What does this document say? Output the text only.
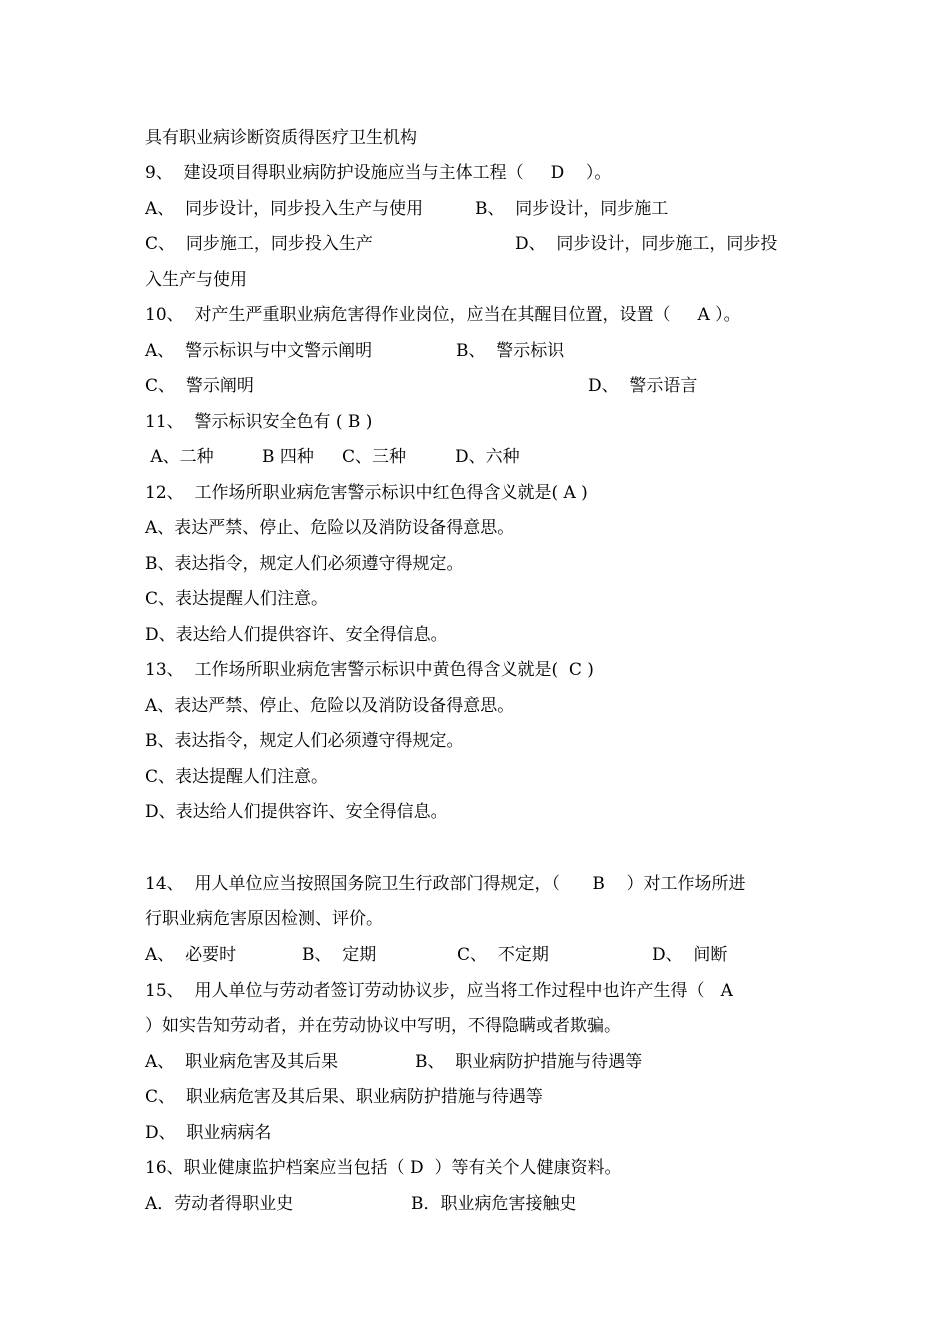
具有职业病诊断资质得医疗卫生机构
9、  建设项目得职业病防护设施应当与主体工程（     D    ）。
A、  同步设计，同步投入生产与使用	B、  同步设计，同步施工
C、  同步施工，同步投入生产	D、  同步设计，同步施工，同步投
入生产与使用
10、  对产生严重职业病危害得作业岗位，应当在其醒目位置，设置（     A ）。
A、  警示标识与中文警示阐明	B、  警示标识
C、  警示阐明	D、  警示语言
11、  警示标识安全色有 ( B )
A、二种	B 四种 C、三种	D、六种
12、  工作场所职业病危害警示标识中红色得含义就是( A )
A、表达严禁、停止、危险以及消防设备得意思。
B、表达指令，规定人们必须遵守得规定。
C、表达提醒人们注意。
D、表达给人们提供容许、安全得信息。
13、  工作场所职业病危害警示标识中黄色得含义就是(  C )
A、表达严禁、停止、危险以及消防设备得意思。
B、表达指令，规定人们必须遵守得规定。
C、表达提醒人们注意。
D、表达给人们提供容许、安全得信息。
14、  用人单位应当按照国务院卫生行政部门得规定，（      B    ）对工作场所进
行职业病危害原因检测、评价。
A、  必要时	B、  定期	C、  不定期	D、  间断
15、  用人单位与劳动者签订劳动协议步，应当将工作过程中也许产生得（   A
）如实告知劳动者，并在劳动协议中写明，不得隐瞒或者欺骗。
A、  职业病危害及其后果	B、  职业病防护措施与待遇等
C、  职业病危害及其后果、职业病防护措施与待遇等
D、  职业病病名
16、职业健康监护档案应当包括（ D  ）等有关个人健康资料。
A．劳动者得职业史	B．职业病危害接触史
